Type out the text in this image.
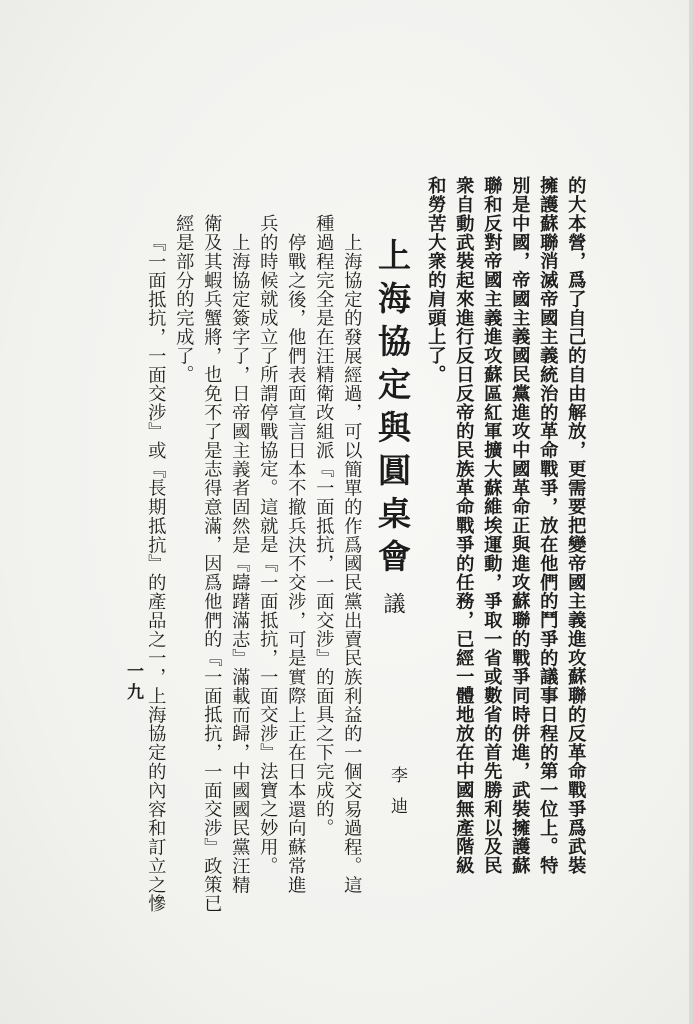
的大本營，爲了自己的自由解放，更需要把變帝國主義進攻蘇聯的反革命戰爭爲武裝
擁護蘇聯消滅帝國主義統治的革命戰爭，放在他們的鬥爭的議事日程的第一位上。特
別是中國，帝國主義國民黨進攻中國革命正與進攻蘇聯的戰爭同時併進，武裝擁護蘇
聯和反對帝國主義進攻蘇區紅軍擴大蘇維埃運動，爭取一省或數省的首先勝利以及民
衆自動武裝起來進行反日反帝的民族革命戰爭的任務，已經一體地放在中國無產階級
和勞苦大衆的肩頭上了。
上海協定與圓桌會議
李迪
上海協定的發展經過，可以簡單的作爲國民黨出賣民族利益的一個交易過程。這
種過程完全是在汪精衛改組派『一面抵抗，一面交涉』的面具之下完成的。
停戰之後，他們表面宣言日本不撤兵決不交涉，可是實際上正在日本還向蘇常進
兵的時候就成立了所謂停戰協定。這就是『一面抵抗，一面交涉』法寶之妙用。
上海協定簽字了，日帝國主義者固然是『躊躇滿志』滿載而歸，中國國民黨汪精
衛及其蝦兵蟹將，也免不了是志得意滿，因爲他們的『一面抵抗，一面交涉』政策已
經是部分的完成了。
『一面抵抗，一面交涉』或『長期抵抗』的產品之一，上海協定的內容和訂立之慘
一九
